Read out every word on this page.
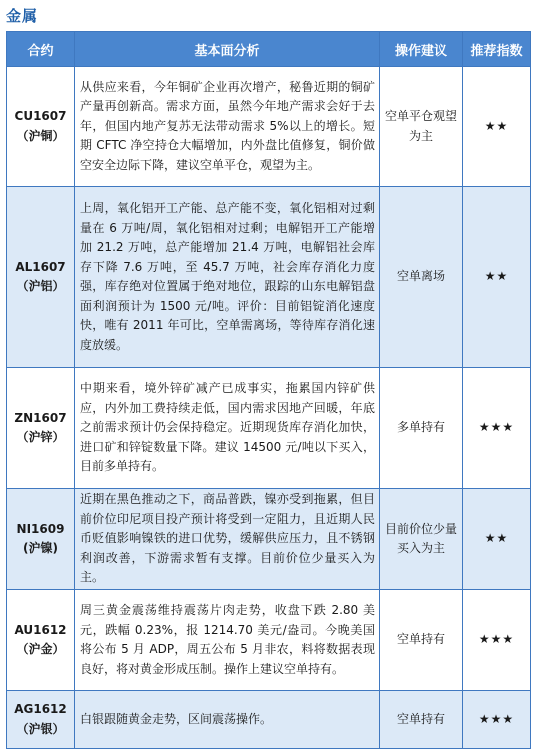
金属
合约	基本面分析	操作建议	推荐指数

CU1607
（沪铜）	从供应来看，今年铜矿企业再次增产，秘鲁近期的铜矿产量再创新高。需求方面，虽然今年地产需求会好于去年，但国内地产复苏无法带动需求 5%以上的增长。短期 CFTC 净空持仓大幅增加，内外盘比值修复，铜价做空安全边际下降，建议空单平仓，观望为主。	空单平仓观望为主	★★

AL1607
（沪铝）	上周，氧化铝开工产能、总产能不变，氧化铝相对过剩量在 6 万吨/周，氧化铝相对过剩；电解铝开工产能增加 21.2 万吨，总产能增加 21.4 万吨，电解铝社会库存下降 7.6 万吨，至 45.7 万吨，社会库存消化力度强，库存绝对位置属于绝对地位，跟踪的山东电解铝盘面利润预计为 1500 元/吨。评价：目前铝锭消化速度快，唯有 2011 年可比，空单需离场，等待库存消化速度放缓。	空单离场	★★

ZN1607
（沪锌）	中期来看，境外锌矿减产已成事实，拖累国内锌矿供应，内外加工费持续走低，国内需求因地产回暖，年底之前需求预计仍会保持稳定。近期现货库存消化加快，进口矿和锌锭数量下降。建议 14500 元/吨以下买入，目前多单持有。	多单持有	★★★

NI1609
(沪镍)	近期在黑色推动之下，商品普跌，镍亦受到拖累，但目前价位印尼项目投产预计将受到一定阻力，且近期人民币贬值影响镍铁的进口优势，缓解供应压力，且不锈钢利润改善，下游需求暂有支撑。目前价位少量买入为主。	目前价位少量买入为主	★★

AU1612
（沪金）	周三黄金震荡维持震荡片肉走势，收盘下跌 2.80 美元，跌幅 0.23%，报 1214.70 美元/盎司。今晚美国将公布 5 月 ADP，周五公布 5 月非农，料将数据表现良好，将对黄金形成压制。操作上建议空单持有。	空单持有	★★★

AG1612
（沪银）	白银跟随黄金走势，区间震荡操作。	空单持有	★★★
